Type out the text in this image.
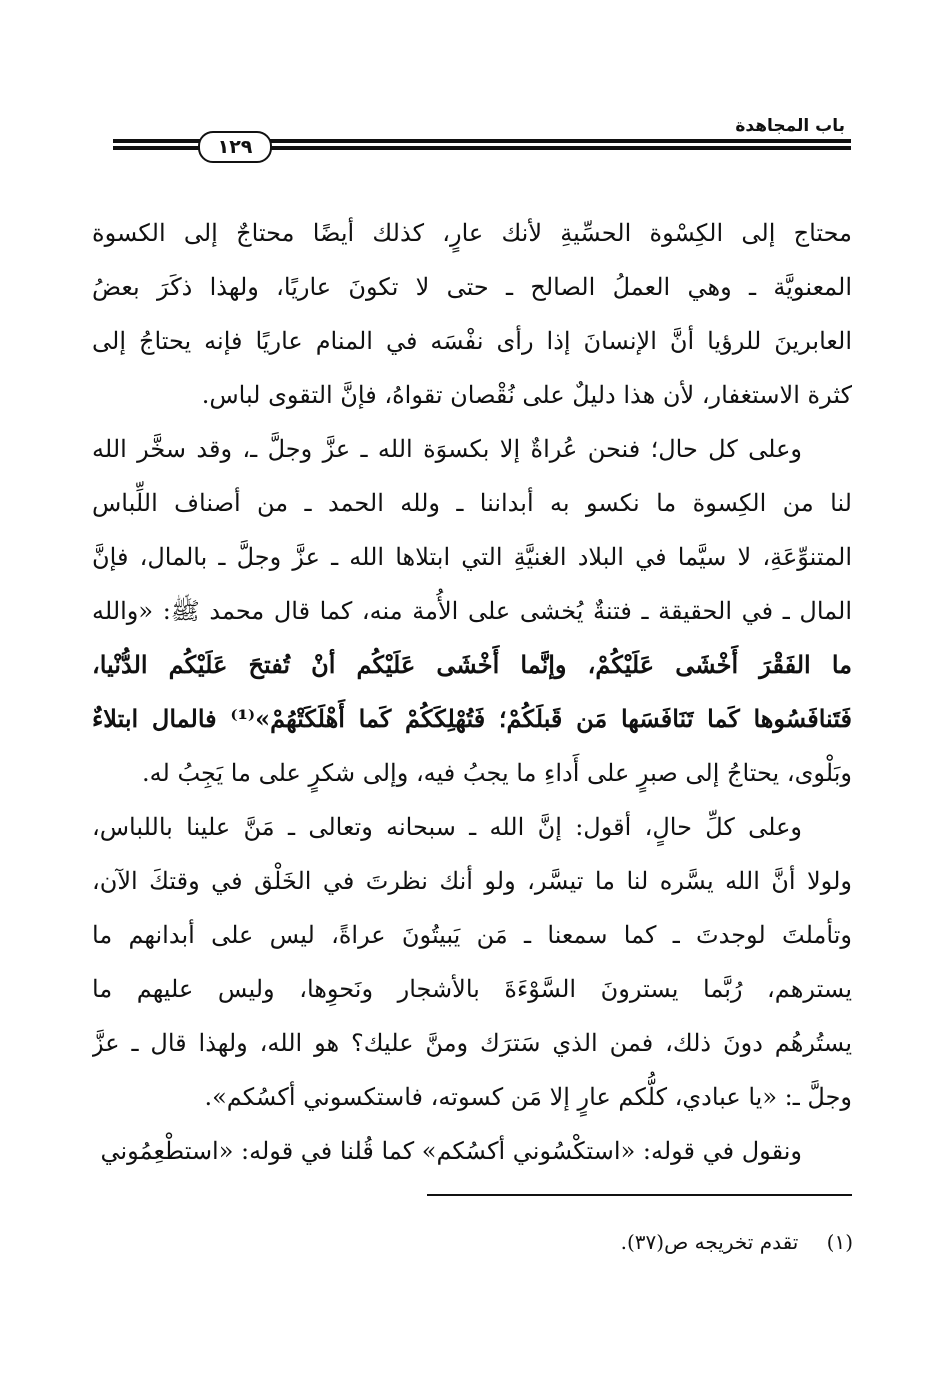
باب المجاهدة
١٢٩
محتاج إلى الكِسْوة الحسِّيةِ لأنك عارٍ، كذلك أيضًا محتاجٌ إلى الكسوة
المعنويَّة ـ وهي العملُ الصالح ـ حتى لا تكونَ عاريًا، ولهذا ذكَرَ بعضُ
العابرينَ للرؤيا أنَّ الإنسانَ إذا رأى نفْسَه في المنام عاريًا فإنه يحتاجُ إلى
كثرة الاستغفار، لأن هذا دليلٌ على نُقْصان تقواهُ، فإنَّ التقوى لباس.
وعلى كل حال؛ فنحن عُراةٌ إلا بكسوَة الله ـ عزَّ وجلَّ ـ، وقد سخَّر الله
لنا من الكِسوة ما نكسو به أبداننا ـ ولله الحمد ـ من أصناف اللِّباس
المتنوِّعَةِ، لا سيَّما في البلاد الغنيَّةِ التي ابتلاها الله ـ عزَّ وجلَّ ـ بالمال، فإنَّ
المال ـ في الحقيقة ـ فتنةٌ يُخشى على الأُمة منه، كما قال محمد ﷺ: «والله
ما الفَقْرَ أَخْشَى عَلَيْكُمْ، وإنَّما أَخْشَى عَلَيْكُم أنْ تُفتحَ عَلَيْكُم الدُّنْيا،
فَتَنافَسُوها كَما تَنَافَسَها مَن قَبلَكُمْ؛ فَتُهْلِكَكُمْ كَما أَهْلَكَتْهُمْ»⁽¹⁾ فالمال ابتلاءٌ
وبَلْوى، يحتاجُ إلى صبرٍ على أَداءِ ما يجبُ فيه، وإلى شكرٍ على ما يَجِبُ له.
وعلى كلِّ حالٍ، أقول: إنَّ الله ـ سبحانه وتعالى ـ مَنَّ علينا باللباس،
ولولا أنَّ الله يسَّره لنا ما تيسَّر، ولو أنك نظرتَ في الخَلْق في وقتكَ الآن،
وتأملتَ لوجدتَ ـ كما سمعنا ـ مَن يَبيتُونَ عراةً، ليس على أبدانهم ما
يسترهم، رُبَّما يسترونَ السَّوْءَةَ بالأشجار ونَحوِها، وليس عليهم ما
يستُرهُم دونَ ذلك، فمن الذي سَترَك ومنَّ عليك؟ هو الله، ولهذا قال ـ عزَّ
وجلَّ ـ: «يا عبادي، كلُّكم عارٍ إلا مَن كسوته، فاستكسوني أكسُكم».
ونقول في قوله: «استكْسُوني أكسُكم» كما قُلنا في قوله: «استطْعِمُوني
(١) تقدم تخريجه ص(٣٧).
